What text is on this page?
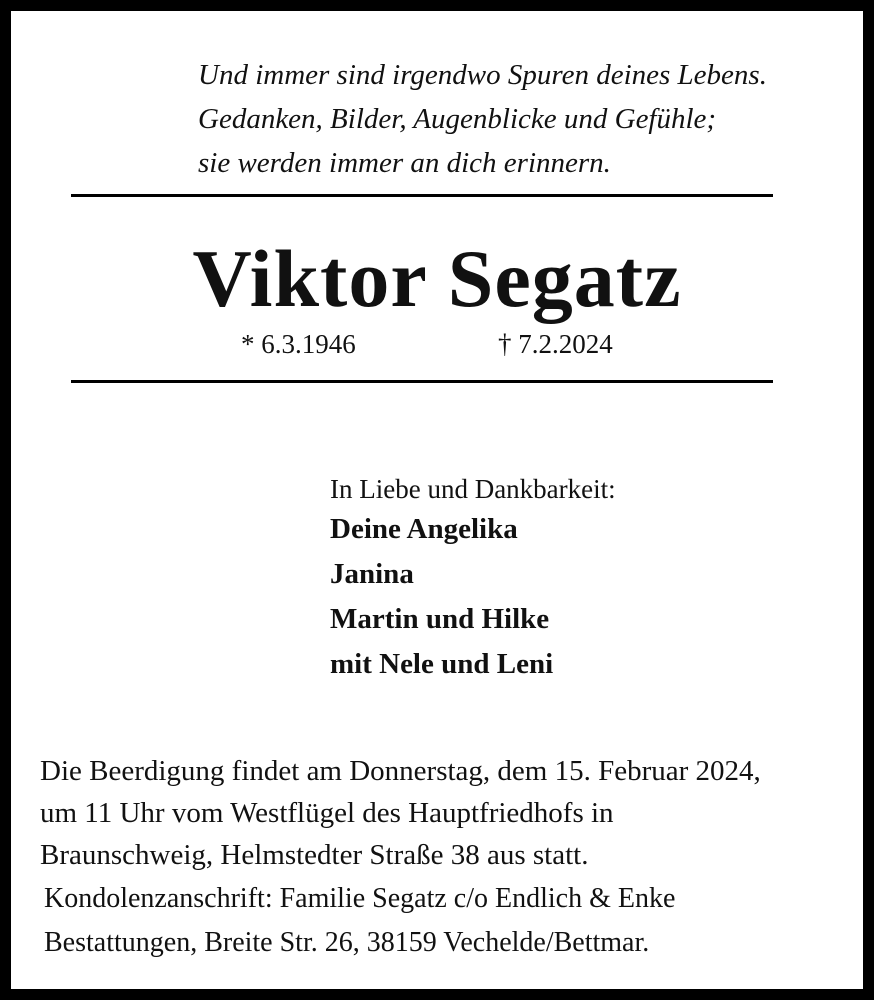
Und immer sind irgendwo Spuren deines Lebens.
Gedanken, Bilder, Augenblicke und Gefühle;
sie werden immer an dich erinnern.
Viktor Segatz
* 6.3.1946	† 7.2.2024
In Liebe und Dankbarkeit:
Deine Angelika
Janina
Martin und Hilke
mit Nele und Leni
Die Beerdigung findet am Donnerstag, dem 15. Februar 2024,
um 11 Uhr vom Westflügel des Hauptfriedhofs in
Braunschweig, Helmstedter Straße 38 aus statt.
Kondolenzanschrift: Familie Segatz c/o Endlich & Enke
Bestattungen, Breite Str. 26, 38159 Vechelde/Bettmar.
